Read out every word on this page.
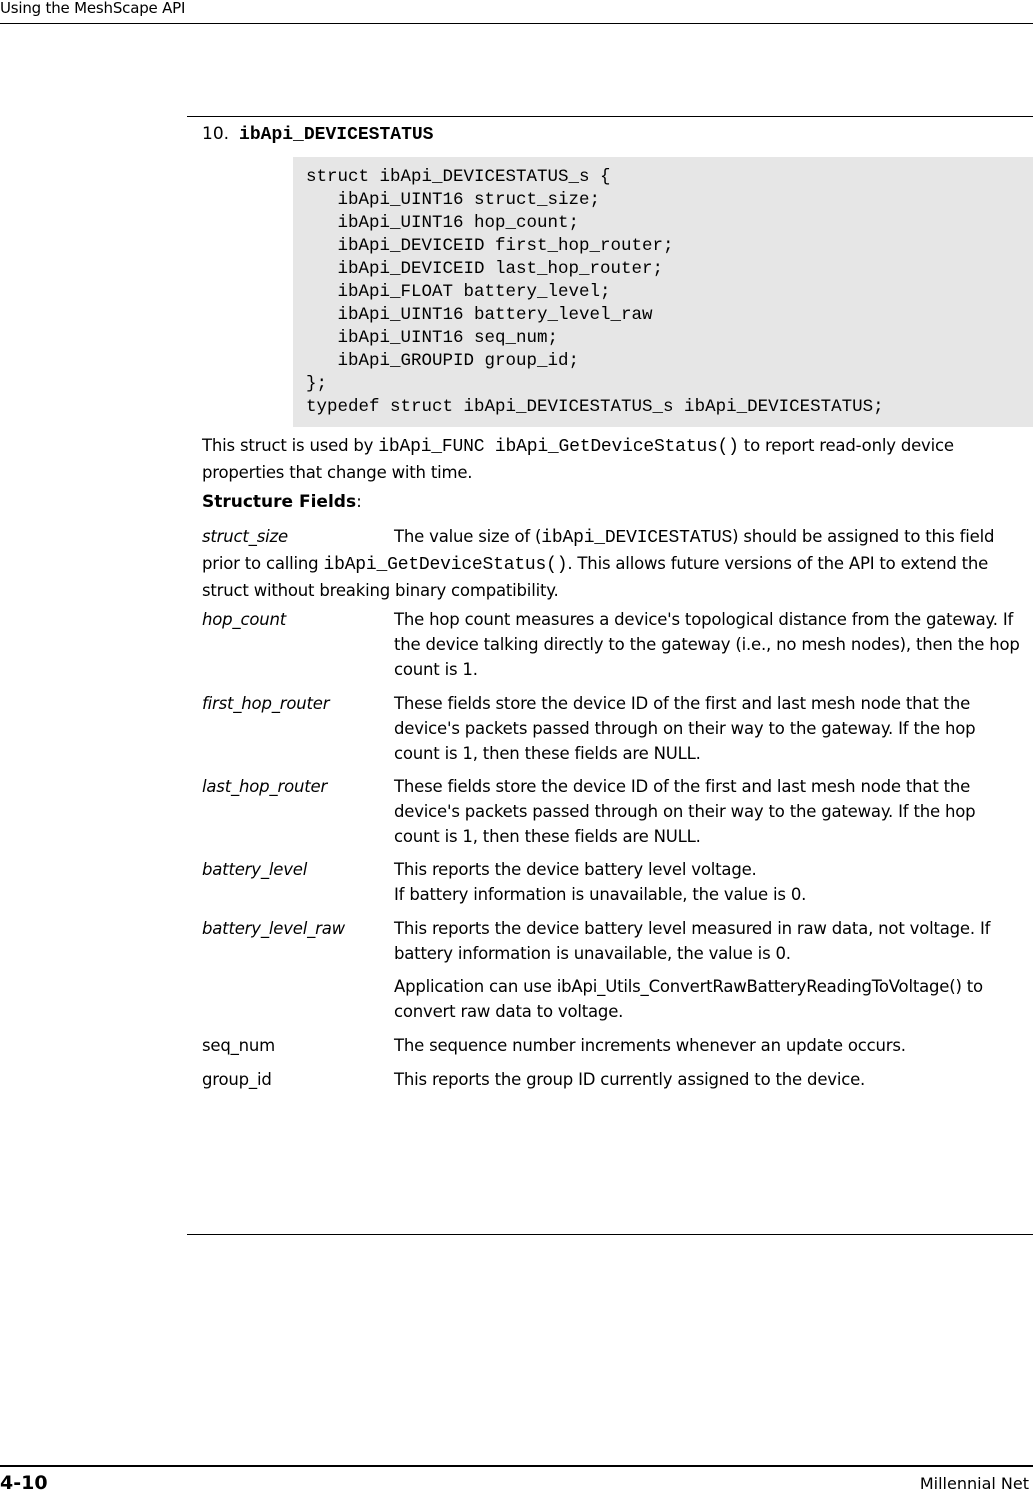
Using the MeshScape API
10. ibApi_DEVICESTATUS
struct ibApi_DEVICESTATUS_s {
ibApi_UINT16 struct_size;
ibApi_UINT16 hop_count;
ibApi_DEVICEID first_hop_router;
ibApi_DEVICEID last_hop_router;
ibApi_FLOAT battery_level;
ibApi_UINT16 battery_level_raw
ibApi_UINT16 seq_num;
ibApi_GROUPID group_id;
};
typedef struct ibApi_DEVICESTATUS_s ibApi_DEVICESTATUS;
This struct is used by ibApi_FUNC ibApi_GetDeviceStatus() to report read-only device properties that change with time.
Structure Fields:
struct_size	The value size of (ibApi_DEVICESTATUS) should be assigned to this field prior to calling ibApi_GetDeviceStatus(). This allows future versions of the API to extend the struct without breaking binary compatibility.
hop_count	The hop count measures a device's topological distance from the gateway. If the device talking directly to the gateway (i.e., no mesh nodes), then the hop count is 1.

first_hop_router	These fields store the device ID of the first and last mesh node that the device's packets passed through on their way to the gateway. If the hop count is 1, then these fields are NULL.

last_hop_router	These fields store the device ID of the first and last mesh node that the device's packets passed through on their way to the gateway. If the hop count is 1, then these fields are NULL.

battery_level	This reports the device battery level voltage.

If battery information is unavailable, the value is 0.

battery_level_raw	This reports the device battery level measured in raw data, not voltage. If battery information is unavailable, the value is 0.

Application can use ibApi_Utils_ConvertRawBatteryReadingToVoltage() to convert raw data to voltage.

seq_num	The sequence number increments whenever an update occurs.

group_id	This reports the group ID currently assigned to the device.

4-10	Millennial Net
